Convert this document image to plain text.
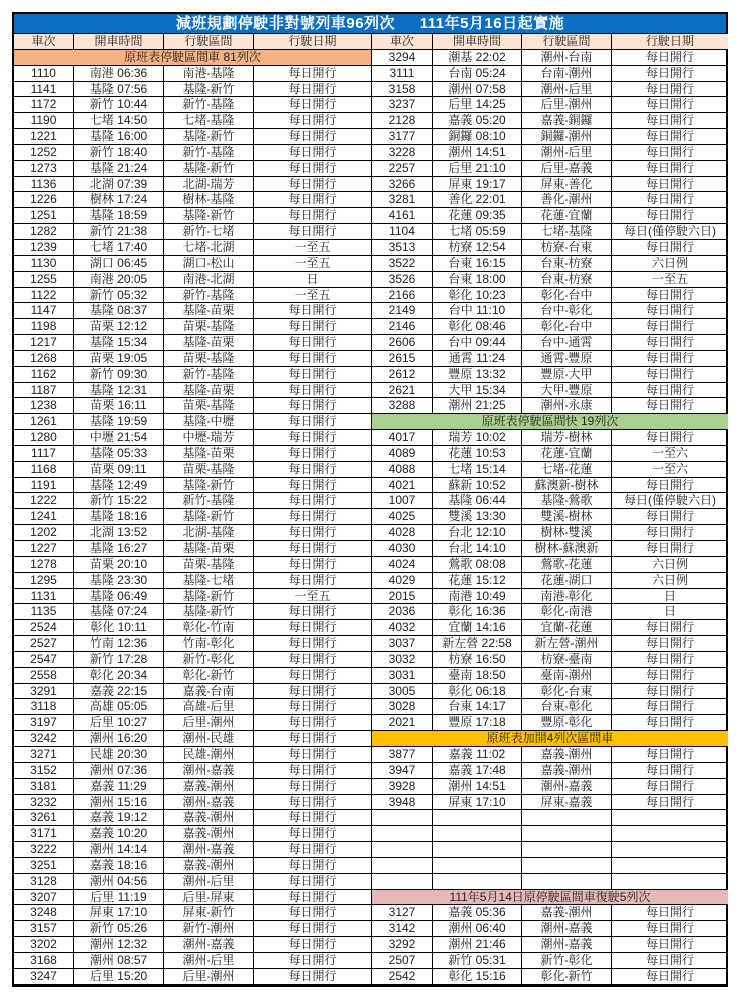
減班規劃停駛非對號列車96列次 111年5月16日起實施
車次	開車時間	行駛區間	行駛日期	車次	開車時間	行駛區間	行駛日期
原班表停駛區間車 81列次	3294	潮基 22:02	潮州-台南	每日開行
1110	南港 06:36	南港-基隆	每日開行	3111	台南 05:24	台南-潮州	每日開行
1141	基隆 07:56	基隆-新竹	每日開行	3158	潮州 07:58	潮州-后里	每日開行
1172	新竹 10:44	新竹-基隆	每日開行	3237	后里 14:25	后里-潮州	每日開行
1190	七堵 14:50	七堵-基隆	每日開行	2128	嘉義 05:20	嘉義-銅鑼	每日開行
1221	基隆 16:00	基隆-新竹	每日開行	3177	銅鑼 08:10	銅鑼-潮州	每日開行
1252	新竹 18:40	新竹-基隆	每日開行	3228	潮州 14:51	潮州-后里	每日開行
1273	基隆 21:24	基隆-新竹	每日開行	2257	后里 21:10	后里-嘉義	每日開行
1136	北湖 07:39	北湖-瑞芳	每日開行	3266	屏東 19:17	屏東-善化	每日開行
1226	樹林 17:24	樹林-基隆	每日開行	3281	善化 22:01	善化-潮州	每日開行
1251	基隆 18:59	基隆-新竹	每日開行	4161	花蓮 09:35	花蓮-宜蘭	每日開行
1282	新竹 21:38	新竹-七堵	每日開行	1104	七堵 05:59	七堵-基隆	每日(僅停駛六日)
1239	七堵 17:40	七堵-北湖	一至五	3513	枋寮 12:54	枋寮-台東	每日開行
1130	湖口 06:45	湖口-松山	一至五	3522	台東 16:15	台東-枋寮	六日例
1255	南港 20:05	南港-北湖	日	3526	台東 18:00	台東-枋寮	一至五
1122	新竹 05:32	新竹-基隆	一至五	2166	彰化 10:23	彰化-台中	每日開行
1147	基隆 08:37	基隆-苗栗	每日開行	2149	台中 11:10	台中-彰化	每日開行
1198	苗栗 12:12	苗栗-基隆	每日開行	2146	彰化 08:46	彰化-台中	每日開行
1217	基隆 15:34	基隆-苗栗	每日開行	2606	台中 09:44	台中-通霄	每日開行
1268	苗栗 19:05	苗栗-基隆	每日開行	2615	通霄 11:24	通霄-豐原	每日開行
1162	新竹 09:30	新竹-基隆	每日開行	2612	豐原 13:32	豐原-大甲	每日開行
1187	基隆 12:31	基隆-苗栗	每日開行	2621	大甲 15:34	大甲-豐原	每日開行
1238	苗栗 16:11	苗栗-基隆	每日開行	3288	潮州 21:25	潮州-永康	每日開行
1261	基隆 19:59	基隆-中壢	每日開行	原班表停駛區間快 19列次
1280	中壢 21:54	中壢-瑞芳	每日開行	4017	瑞芳 10:02	瑞芳-樹林	每日開行
1117	基隆 05:33	基隆-苗栗	每日開行	4089	花蓮 10:53	花蓮-宜蘭	一至六
1168	苗栗 09:11	苗栗-基隆	每日開行	4088	七堵 15:14	七堵-花蓮	一至六
1191	基隆 12:49	基隆-新竹	每日開行	4021	蘇新 10:52	蘇澳新-樹林	每日開行
1222	新竹 15:22	新竹-基隆	每日開行	1007	基隆 06:44	基隆-鶯歌	每日(僅停駛六日)
1241	基隆 18:16	基隆-新竹	每日開行	4025	雙溪 13:30	雙溪-樹林	每日開行
1202	北湖 13:52	北湖-基隆	每日開行	4028	台北 12:10	樹林-雙溪	每日開行
1227	基隆 16:27	基隆-苗栗	每日開行	4030	台北 14:10	樹林-蘇澳新	每日開行
1278	苗栗 20:10	苗栗-基隆	每日開行	4024	鶯歌 08:08	鶯歌-花蓮	六日例
1295	基隆 23:30	基隆-七堵	每日開行	4029	花蓮 15:12	花蓮-湖口	六日例
1131	基隆 06:49	基隆-新竹	一至五	2015	南港 10:49	南港-彰化	日
1135	基隆 07:24	基隆-新竹	每日開行	2036	彰化 16:36	彰化-南港	日
2524	彰化 10:11	彰化-竹南	每日開行	4032	宜蘭 14:16	宜蘭-花蓮	每日開行
2527	竹南 12:36	竹南-彰化	每日開行	3037	新左營 22:58	新左營-潮州	每日開行
2547	新竹 17:28	新竹-彰化	每日開行	3032	枋寮 16:50	枋寮-臺南	每日開行
2558	彰化 20:34	彰化-新竹	每日開行	3031	臺南 18:50	臺南-潮州	每日開行
3291	嘉義 22:15	嘉義-台南	每日開行	3005	彰化 06:18	彰化-台東	每日開行
3118	高雄 05:05	高雄-后里	每日開行	3028	台東 14:17	台東-彰化	每日開行
3197	后里 10:27	后里-潮州	每日開行	2021	豐原 17:18	豐原-彰化	每日開行
3242	潮州 16:20	潮州-民雄	每日開行	原班表加開4列次區間車
3271	民雄 20:30	民雄-潮州	每日開行	3877	嘉義 11:02	嘉義-潮州	每日開行
3152	潮州 07:36	潮州-嘉義	每日開行	3947	嘉義 17:48	嘉義-潮州	每日開行
3181	嘉義 11:29	嘉義-潮州	每日開行	3928	潮州 14:51	潮州-嘉義	每日開行
3232	潮州 15:16	潮州-嘉義	每日開行	3948	屏東 17:10	屏東-嘉義	每日開行
3261	嘉義 19:12	嘉義-潮州	每日開行
3171	嘉義 10:20	嘉義-潮州	每日開行
3222	潮州 14:14	潮州-嘉義	每日開行
3251	嘉義 18:16	嘉義-潮州	每日開行
3128	潮州 04:56	潮州-后里	每日開行
3207	后里 11:19	后里-屏東	每日開行	111年5月14日原停駛區間車復駛5列次
3248	屏東 17:10	屏東-新竹	每日開行	3127	嘉義 05:36	嘉義-潮州	每日開行
3157	新竹 05:26	新竹-潮州	每日開行	3142	潮州 06:40	潮州-嘉義	每日開行
3202	潮州 12:32	潮州-嘉義	每日開行	3292	潮州 21:46	潮州-嘉義	每日開行
3168	潮州 08:57	潮州-后里	每日開行	2507	新竹 05:31	新竹-彰化	每日開行
3247	后里 15:20	后里-潮州	每日開行	2542	彰化 15:16	彰化-新竹	每日開行
